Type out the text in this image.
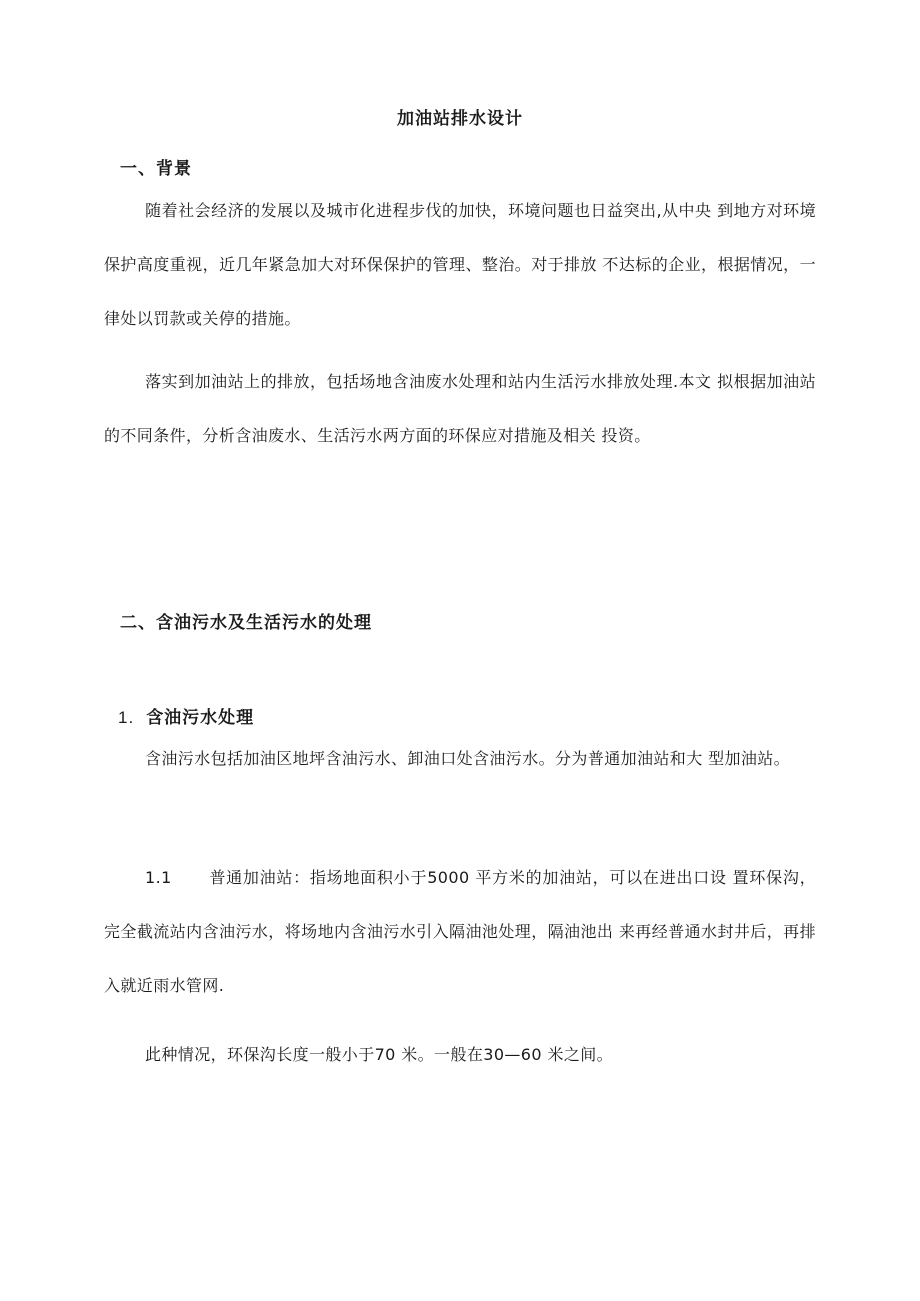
加油站排水设计
一、背景
随着社会经济的发展以及城市化进程步伐的加快，环境问题也日益突出,从中央 到地方对环境保护高度重视，近几年紧急加大对环保保护的管理、整治。对于排放 不达标的企业，根据情况，一律处以罚款或关停的措施。
落实到加油站上的排放，包括场地含油废水处理和站内生活污水排放处理.本文 拟根据加油站的不同条件，分析含油废水、生活污水两方面的环保应对措施及相关 投资。
二、含油污水及生活污水的处理
1. 含油污水处理
含油污水包括加油区地坪含油污水、卸油口处含油污水。分为普通加油站和大 型加油站。
1.1 普通加油站：指场地面积小于5000 平方米的加油站，可以在进出口设 置环保沟，完全截流站内含油污水，将场地内含油污水引入隔油池处理，隔油池出 来再经普通水封井后，再排入就近雨水管网.
此种情况，环保沟长度一般小于70 米。一般在30—60 米之间。
